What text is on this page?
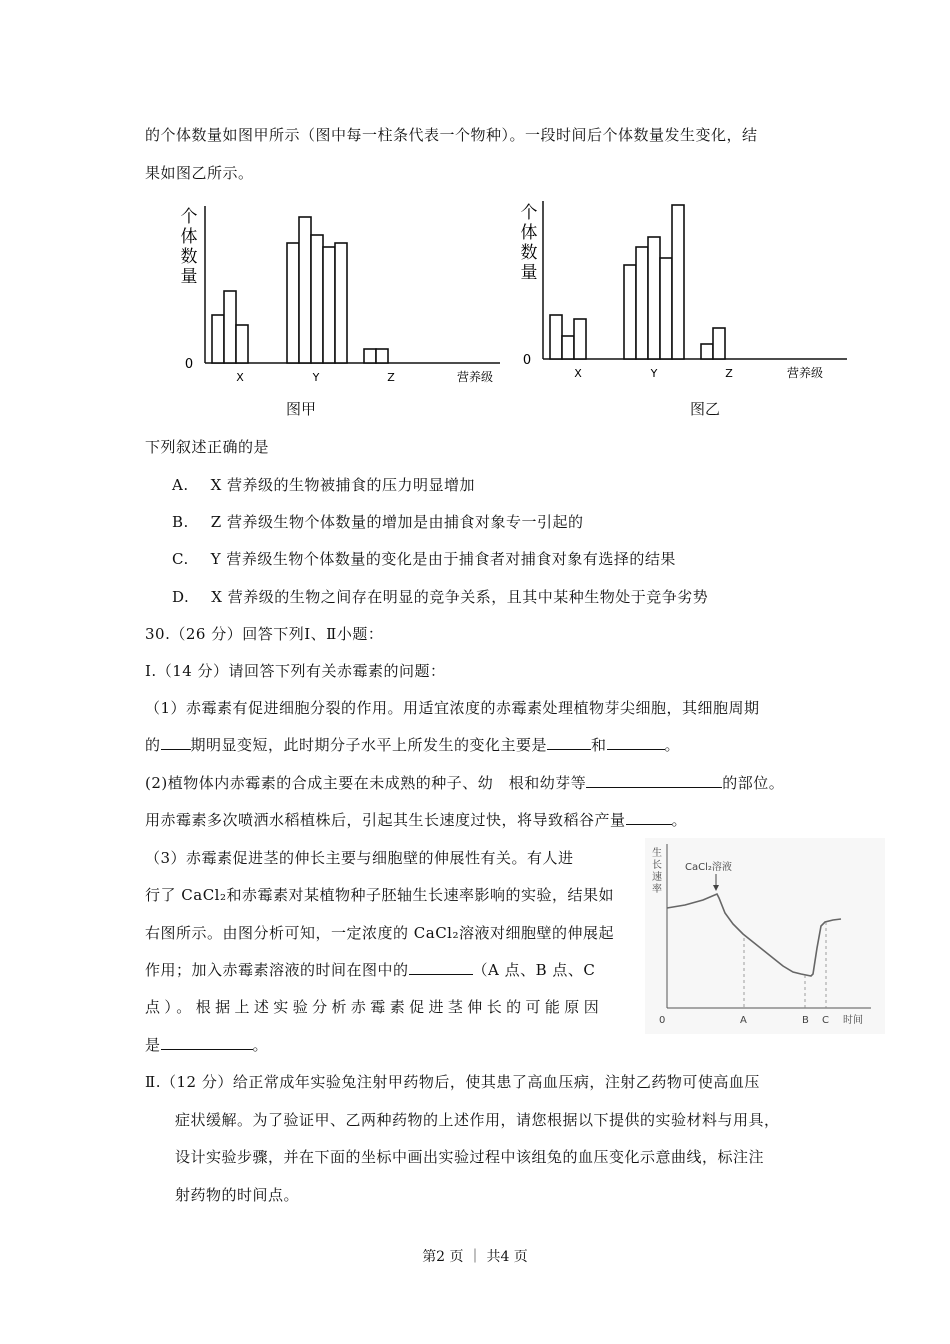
的个体数量如图甲所示（图中每一柱条代表一个物种）。一段时间后个体数量发生变化，结
果如图乙所示。
个
体
数
量
0
X	Y	Z	营养级
图甲
个
体
数
量
0
X	Y	Z	营养级
图乙
下列叙述正确的是
A. X 营养级的生物被捕食的压力明显增加
B. Z 营养级生物个体数量的增加是由捕食对象专一引起的
C. Y 营养级生物个体数量的变化是由于捕食者对捕食对象有选择的结果
D. X 营养级的生物之间存在明显的竞争关系，且其中某种生物处于竞争劣势
30.（26 分）回答下列Ⅰ、Ⅱ小题：
Ⅰ.（14 分）请回答下列有关赤霉素的问题：
（1）赤霉素有促进细胞分裂的作用。用适宜浓度的赤霉素处理植物芽尖细胞，其细胞周期
的 期明显变短，此时期分子水平上所发生的变化主要是	和	。
(2)植物体内赤霉素的合成主要在未成熟的种子、幼　根和幼芽等	的部位。
用赤霉素多次喷洒水稻植株后，引起其生长速度过快，将导致稻谷产量	。
（3）赤霉素促进茎的伸长主要与细胞壁的伸展性有关。有人进
行了 CaCl₂和赤霉素对某植物种子胚轴生长速率影响的实验，结果如
右图所示。由图分析可知，一定浓度的 CaCl₂溶液对细胞壁的伸展起
作用；加入赤霉素溶液的时间在图中的	（A 点、B 点、C
点）。根据上述实验分析赤霉素促进茎伸长的可能原因
是	。
生
长
速
率
CaCl₂溶液
0	A	B C 时间
Ⅱ.（12 分）给正常成年实验兔注射甲药物后，使其患了高血压病，注射乙药物可使高血压
症状缓解。为了验证甲、乙两种药物的上述作用，请您根据以下提供的实验材料与用具，
设计实验步骤，并在下面的坐标中画出实验过程中该组兔的血压变化示意曲线，标注注
射药物的时间点。
第2 页 ｜ 共4 页
